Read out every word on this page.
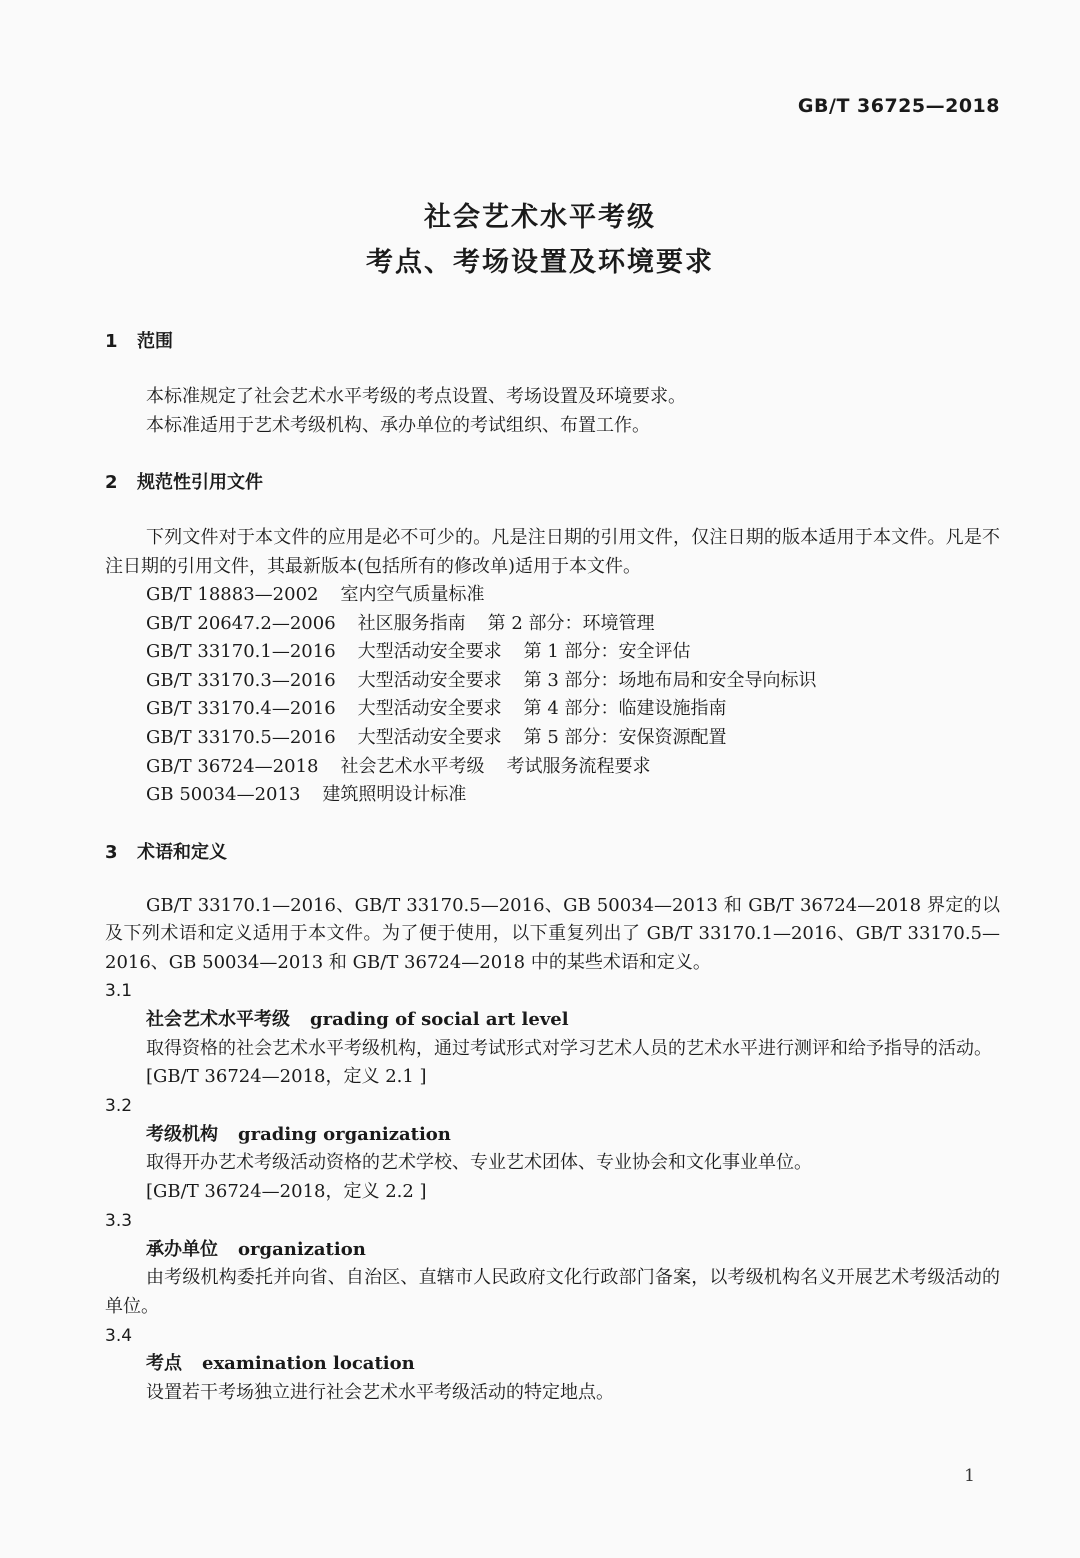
GB/T 36725—2018
社会艺术水平考级
考点、考场设置及环境要求
1 范围
本标准规定了社会艺术水平考级的考点设置、考场设置及环境要求。
本标准适用于艺术考级机构、承办单位的考试组织、布置工作。
2 规范性引用文件
下列文件对于本文件的应用是必不可少的。凡是注日期的引用文件，仅注日期的版本适用于本文件。凡是不注日期的引用文件，其最新版本(包括所有的修改单)适用于本文件。
GB/T 18883—2002 室内空气质量标准
GB/T 20647.2—2006 社区服务指南 第 2 部分：环境管理
GB/T 33170.1—2016 大型活动安全要求 第 1 部分：安全评估
GB/T 33170.3—2016 大型活动安全要求 第 3 部分：场地布局和安全导向标识
GB/T 33170.4—2016 大型活动安全要求 第 4 部分：临建设施指南
GB/T 33170.5—2016 大型活动安全要求 第 5 部分：安保资源配置
GB/T 36724—2018 社会艺术水平考级 考试服务流程要求
GB 50034—2013 建筑照明设计标准
3 术语和定义
GB/T 33170.1—2016、GB/T 33170.5—2016、GB 50034—2013 和 GB/T 36724—2018 界定的以及下列术语和定义适用于本文件。为了便于使用，以下重复列出了 GB/T 33170.1—2016、GB/T 33170.5—2016、GB 50034—2013 和 GB/T 36724—2018 中的某些术语和定义。
3.1
社会艺术水平考级 grading of social art level
取得资格的社会艺术水平考级机构，通过考试形式对学习艺术人员的艺术水平进行测评和给予指导的活动。
[GB/T 36724—2018，定义 2.1 ]
3.2
考级机构 grading organization
取得开办艺术考级活动资格的艺术学校、专业艺术团体、专业协会和文化事业单位。
[GB/T 36724—2018，定义 2.2 ]
3.3
承办单位 organization
由考级机构委托并向省、自治区、直辖市人民政府文化行政部门备案，以考级机构名义开展艺术考级活动的单位。
3.4
考点 examination location
设置若干考场独立进行社会艺术水平考级活动的特定地点。
1
